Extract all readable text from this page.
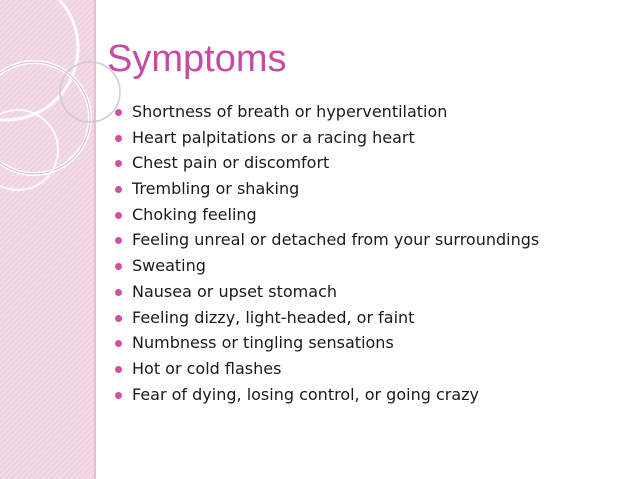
Symptoms
Shortness of breath or hyperventilation
Heart palpitations or a racing heart
Chest pain or discomfort
Trembling or shaking
Choking feeling
Feeling unreal or detached from your surroundings
Sweating
Nausea or upset stomach
Feeling dizzy, light-headed, or faint
Numbness or tingling sensations
Hot or cold flashes
Fear of dying, losing control, or going crazy
